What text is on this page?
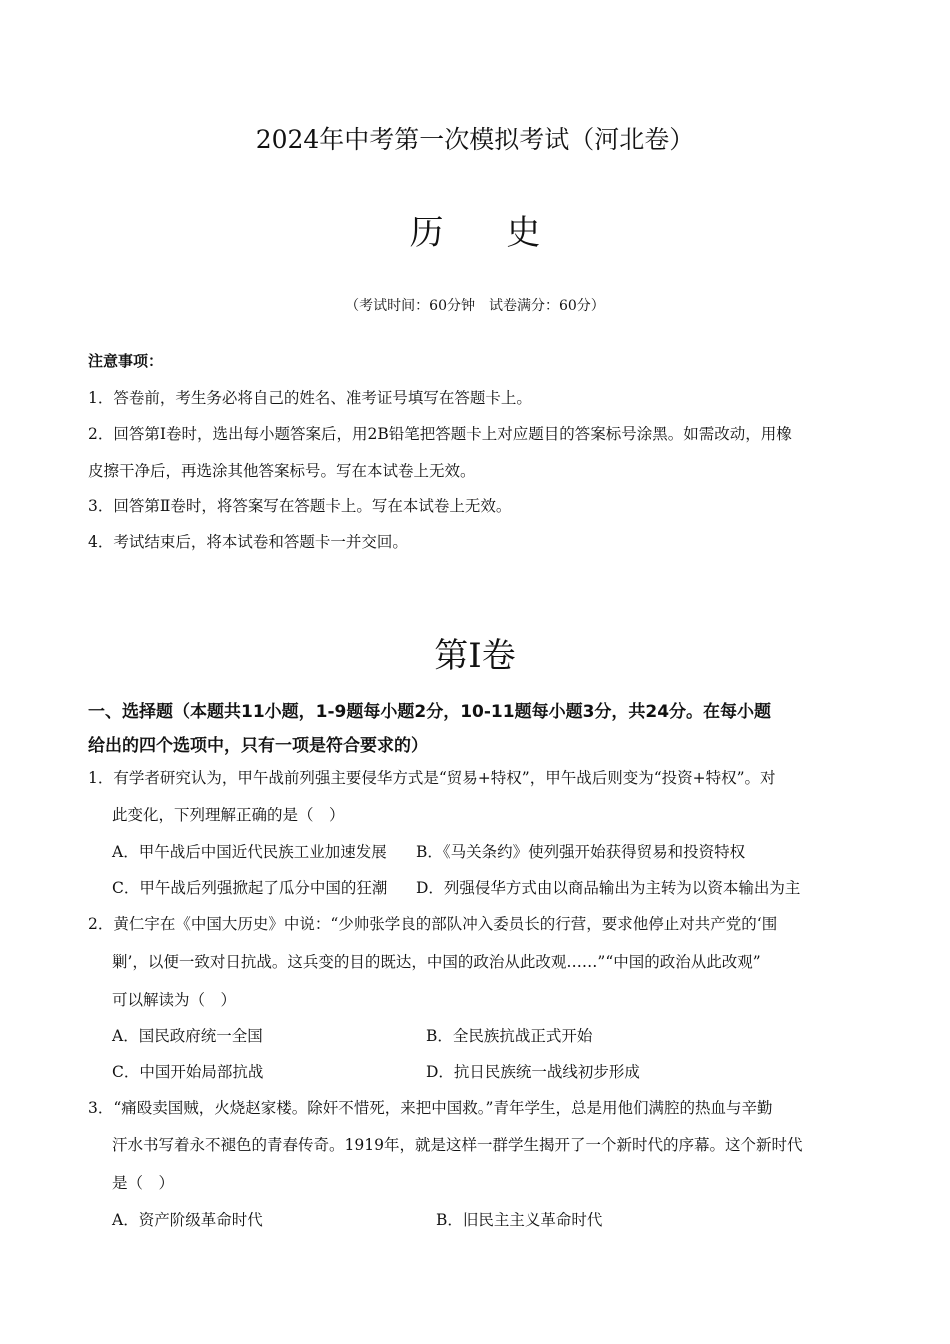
2024年中考第一次模拟考试（河北卷）
历 史
（考试时间：60分钟　试卷满分：60分）
注意事项：
1．答卷前，考生务必将自己的姓名、准考证号填写在答题卡上。
2．回答第Ⅰ卷时，选出每小题答案后，用2B铅笔把答题卡上对应题目的答案标号涂黑。如需改动，用橡
皮擦干净后，再选涂其他答案标号。写在本试卷上无效。
3．回答第Ⅱ卷时，将答案写在答题卡上。写在本试卷上无效。
4．考试结束后，将本试卷和答题卡一并交回。
第Ⅰ卷
一、选择题（本题共11小题，1-9题每小题2分，10-11题每小题3分，共24分。在每小题
给出的四个选项中，只有一项是符合要求的）
1．有学者研究认为，甲午战前列强主要侵华方式是“贸易+特权”，甲午战后则变为“投资+特权”。对
此变化，下列理解正确的是（　）
A．甲午战后中国近代民族工业加速发展 B．《马关条约》使列强开始获得贸易和投资特权
C．甲午战后列强掀起了瓜分中国的狂潮 D．列强侵华方式由以商品输出为主转为以资本输出为主
2．黄仁宇在《中国大历史》中说：“少帅张学良的部队冲入委员长的行营，要求他停止对共产党的‘围
剿’，以便一致对日抗战。这兵变的目的既达，中国的政治从此改观……”“中国的政治从此改观”
可以解读为（　）
A．国民政府统一全国	B．全民族抗战正式开始
C．中国开始局部抗战	D．抗日民族统一战线初步形成
3．“痛殴卖国贼，火烧赵家楼。除奸不惜死，来把中国救。”青年学生，总是用他们满腔的热血与辛勤
汗水书写着永不褪色的青春传奇。1919年，就是这样一群学生揭开了一个新时代的序幕。这个新时代
是（　）
A．资产阶级革命时代	B．旧民主主义革命时代
